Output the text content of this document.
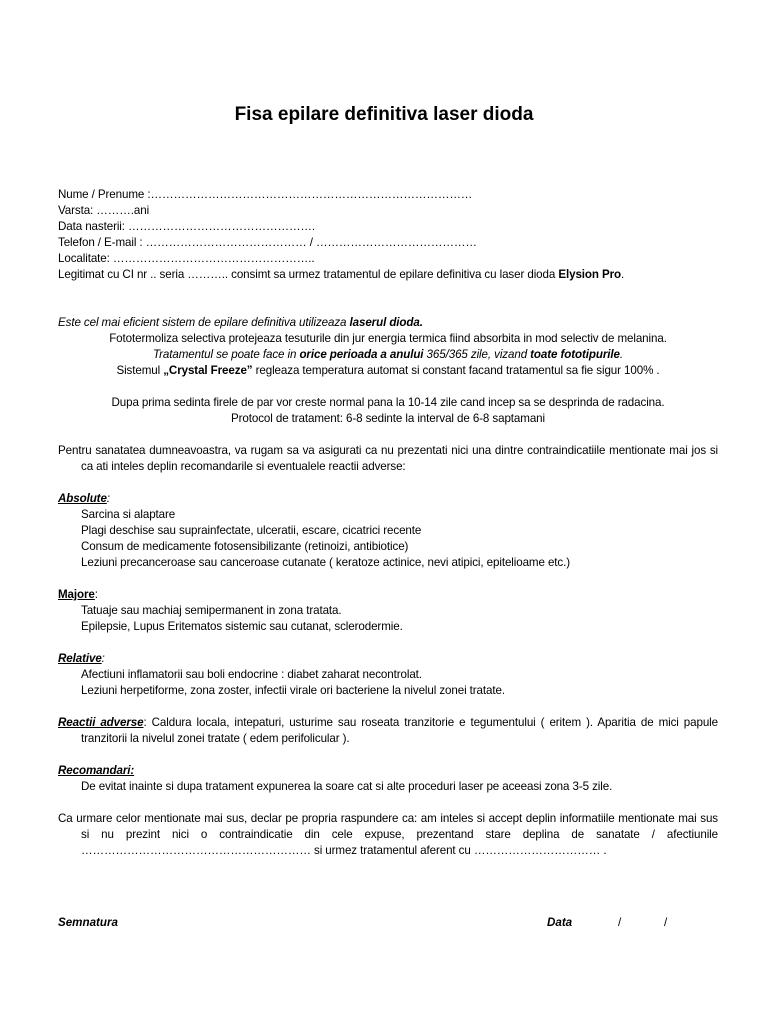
Fisa epilare definitiva laser dioda
Nume / Prenume :…………………………………………………………………………
Varsta: ……….ani
Data nasterii: ………………………………………….
Telefon / E-mail : …………………………………… / ……………………………………
Localitate: ……………………………………………..
Legitimat cu CI nr .. seria ……….. consimt sa urmez tratamentul de epilare definitiva cu laser dioda Elysion Pro.
Este cel mai eficient sistem de epilare definitiva utilizeaza laserul dioda.
Fototermoliza selectiva protejeaza tesuturile din jur energia termica fiind absorbita in mod selectiv de melanina.
Tratamentul se poate face in orice perioada a anului 365/365 zile, vizand toate fototipurile.
Sistemul „Crystal Freeze” regleaza temperatura automat si constant facand tratamentul sa fie sigur 100% .
Dupa prima sedinta firele de par vor creste normal pana la 10-14 zile cand incep sa se desprinda de radacina.
Protocol de tratament: 6-8 sedinte la interval de 6-8 saptamani
Pentru sanatatea dumneavoastra, va rugam sa va asigurati ca nu prezentati nici una dintre contraindicatiile mentionate mai jos si ca ati inteles deplin recomandarile si eventualele reactii adverse:
Absolute:
Sarcina si alaptare
Plagi deschise sau suprainfectate, ulceratii, escare, cicatrici recente
Consum de medicamente fotosensibilizante (retinoizi, antibiotice)
Leziuni precanceroase sau canceroase cutanate ( keratoze actinice, nevi atipici, epitelioame etc.)
Majore:
Tatuaje sau machiaj semipermanent in zona tratata.
Epilepsie, Lupus Eritematos sistemic sau cutanat, sclerodermie.
Relative:
Afectiuni inflamatorii sau boli endocrine : diabet zaharat necontrolat.
Leziuni herpetiforme, zona zoster, infectii virale ori bacteriene la nivelul zonei tratate.
Reactii adverse: Caldura locala, intepaturi, usturime sau roseata tranzitorie e tegumentului ( eritem ). Aparitia de mici papule tranzitorii la nivelul zonei tratate ( edem perifolicular ).
Recomandari:
De evitat inainte si dupa tratament expunerea la soare cat si alte proceduri laser pe aceeasi zona 3-5 zile.
Ca urmare celor mentionate mai sus, declar pe propria raspundere ca: am inteles si accept deplin informatiile mentionate mai sus si nu prezint nici o contraindicatie din cele expuse, prezentand stare deplina de sanatate / afectiunile …………………………………………………… si urmez tratamentul aferent cu …………………………… .
Semnatura	Data	/	/
